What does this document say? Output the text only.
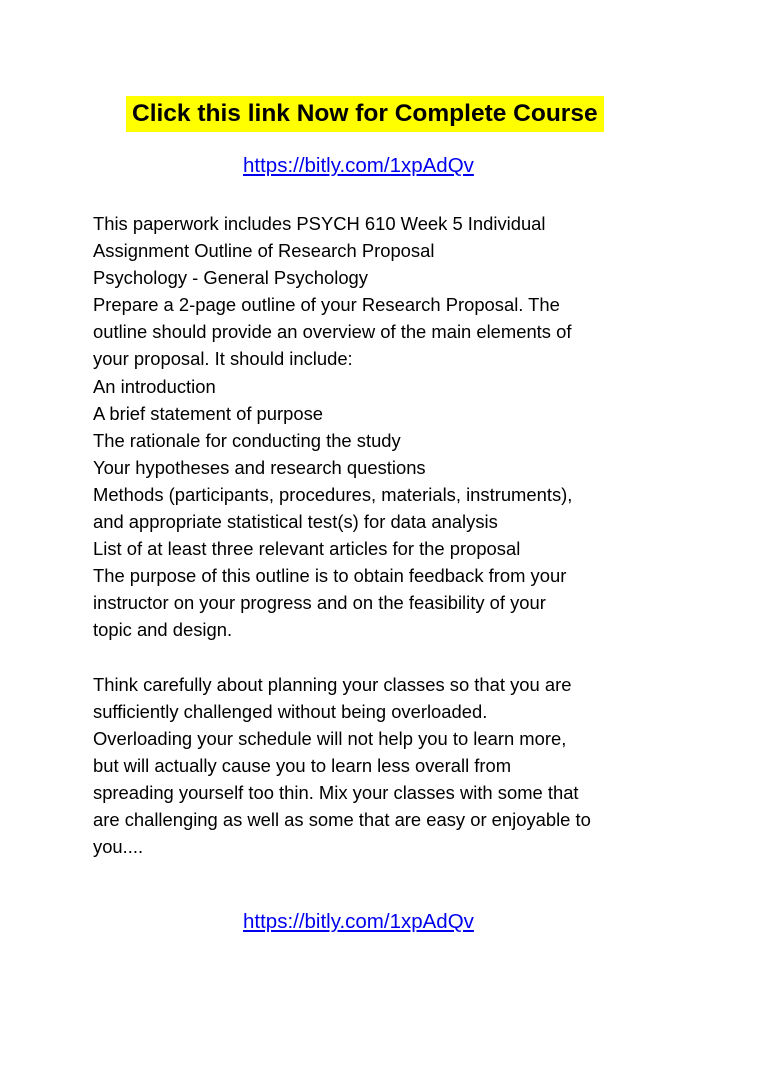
Click this link Now for Complete Course
https://bitly.com/1xpAdQv
This paperwork includes PSYCH 610 Week 5 Individual
Assignment Outline of Research Proposal
Psychology - General Psychology
Prepare a 2-page outline of your Research Proposal. The
outline should provide an overview of the main elements of
your proposal. It should include:
An introduction
A brief statement of purpose
The rationale for conducting the study
Your hypotheses and research questions
Methods (participants, procedures, materials, instruments),
and appropriate statistical test(s) for data analysis
List of at least three relevant articles for the proposal
The purpose of this outline is to obtain feedback from your
instructor on your progress and on the feasibility of your
topic and design.
Think carefully about planning your classes so that you are
sufficiently challenged without being overloaded.
Overloading your schedule will not help you to learn more,
but will actually cause you to learn less overall from
spreading yourself too thin. Mix your classes with some that
are challenging as well as some that are easy or enjoyable to
you....
https://bitly.com/1xpAdQv
